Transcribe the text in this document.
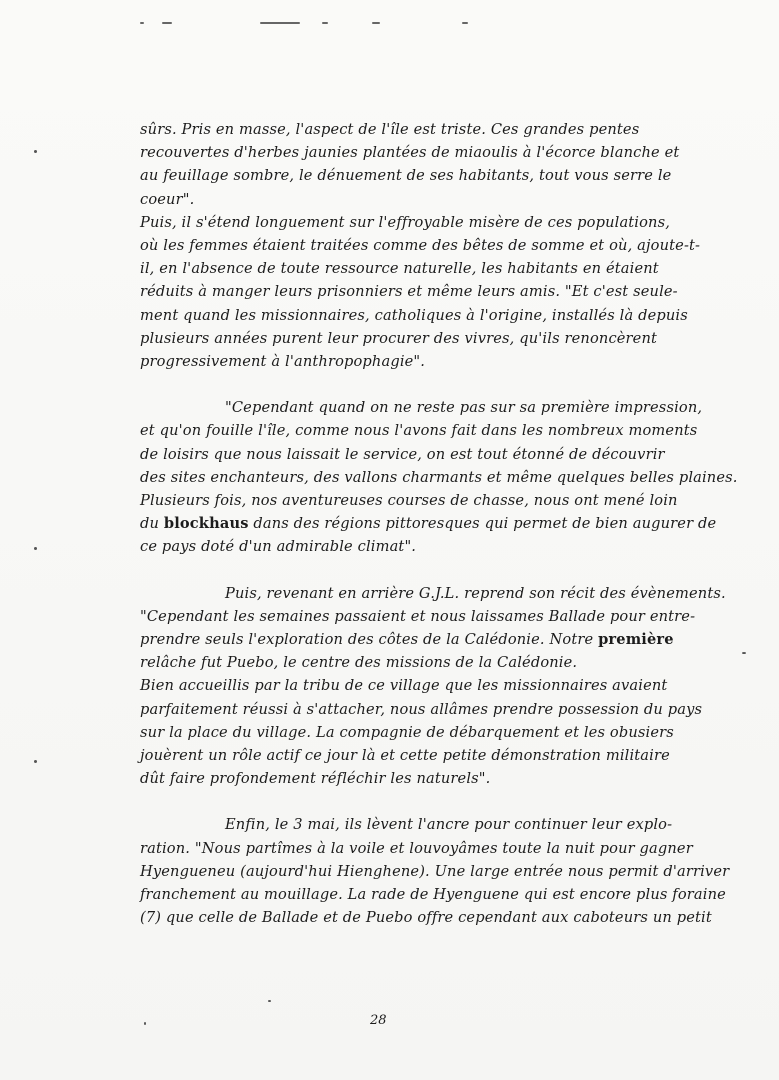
sûrs. Pris en masse, l'aspect de l'île est triste. Ces grandes pentes

recouvertes d'herbes jaunies plantées de miaoulis à l'écorce blanche et

au feuillage sombre, le dénuement de ses habitants, tout vous serre le

coeur".

Puis, il s'étend longuement sur l'effroyable misère de ces populations,

où les femmes étaient traitées comme des bêtes de somme et où, ajoute-t-

il, en l'absence de toute ressource naturelle, les habitants en étaient

réduits à manger leurs prisonniers et même leurs amis. "Et c'est seule-

ment quand les missionnaires, catholiques à l'origine, installés là depuis

plusieurs années purent leur procurer des vivres, qu'ils renoncèrent

progressivement à l'anthropophagie".

"Cependant quand on ne reste pas sur sa première impression,

et qu'on fouille l'île, comme nous l'avons fait dans les nombreux moments

de loisirs que nous laissait le service, on est tout étonné de découvrir

des sites enchanteurs, des vallons charmants et même quelques belles plaines.

Plusieurs fois, nos aventureuses courses de chasse, nous ont mené loin

du blockhaus dans des régions pittoresques qui permet de bien augurer de

ce pays doté d'un admirable climat".

Puis, revenant en arrière G.J.L. reprend son récit des évènements.

"Cependant les semaines passaient et nous laissames Ballade pour entre-

prendre seuls l'exploration des côtes de la Calédonie. Notre première

relâche fut Puebo, le centre des missions de la Calédonie.

Bien accueillis par la tribu de ce village que les missionnaires avaient

parfaitement réussi à s'attacher, nous allâmes prendre possession du pays

sur la place du village. La compagnie de débarquement et les obusiers

jouèrent un rôle actif ce jour là et cette petite démonstration militaire

dût faire profondement réfléchir les naturels".

Enfin, le 3 mai, ils lèvent l'ancre pour continuer leur explo-

ration. "Nous partîmes à la voile et louvoyâmes toute la nuit pour gagner

Hyengueneu (aujourd'hui Hienghene). Une large entrée nous permit d'arriver

franchement au mouillage. La rade de Hyenguene qui est encore plus foraine

(7) que celle de Ballade et de Puebo offre cependant aux caboteurs un petit

28
